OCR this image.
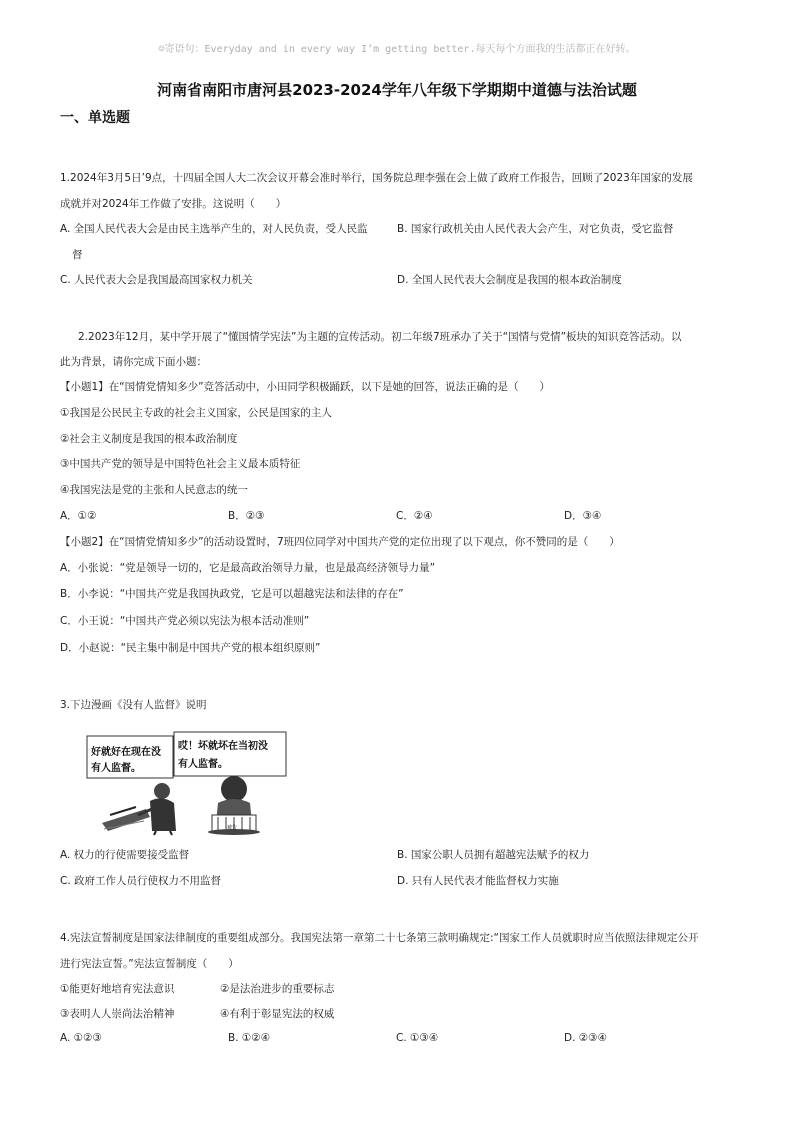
☺寄语句：Everyday and in every way I’m getting better.每天每个方面我的生活都正在好转。
河南省南阳市唐河县2023-2024学年八年级下学期期中道德与法治试题
一、单选题
1.2024年3月5日’9点，十四届全国人大二次会议开幕会准时举行，国务院总理李强在会上做了政府工作报告，回顾了2023年国家的发展
成就并对2024年工作做了安排。这说明（　　）
A. 全国人民代表大会是由民主选举产生的，对人民负责，受人民监
督
B. 国家行政机关由人民代表大会产生，对它负责，受它监督
C. 人民代表大会是我国最高国家权力机关	D. 全国人民代表大会制度是我国的根本政治制度
2.2023年12月，某中学开展了“懂国情学宪法”为主题的宣传活动。初二年级7班承办了关于“国情与党情”板块的知识竞答活动。以
此为背景，请你完成下面小题：
【小题1】在“国情党情知多少”竞答活动中，小田同学积极踊跃，以下是她的回答，说法正确的是（　　）
①我国是公民民主专政的社会主义国家，公民是国家的主人
②社会主义制度是我国的根本政治制度
③中国共产党的领导是中国特色社会主义最本质特征
④我国宪法是党的主张和人民意志的统一
A．①②	B．②③	C．②④	D．③④
【小题2】在“国情党情知多少”的活动设置时，7班四位同学对中国共产党的定位出现了以下观点，你不赞同的是（　　）
A．小张说：“党是领导一切的，它是最高政治领导力量，也是最高经济领导力量”
B．小李说：“中国共产党是我国执政党，它是可以超越宪法和法律的存在”
C．小王说：“中国共产党必须以宪法为根本活动准则”
D．小赵说：“民主集中制是中国共产党的根本组织原则”
3.下边漫画《没有人监督》说明
好就好在现在没
有人监督。
哎！坏就坏在当初没
有人监督。
被告
A. 权力的行使需要接受监督	B. 国家公职人员拥有超越宪法赋予的权力
C. 政府工作人员行使权力不用监督	D. 只有人民代表才能监督权力实施
4.宪法宣誓制度是国家法律制度的重要组成部分。我国宪法第一章第二十七条第三款明确规定:“国家工作人员就职时应当依照法律规定公开
进行宪法宣誓。”宪法宣誓制度（　　）
①能更好地培育宪法意识	②是法治进步的重要标志
③表明人人崇尚法治精神	④有利于彰显宪法的权威
A. ①②③	B. ①②④	C. ①③④	D. ②③④
